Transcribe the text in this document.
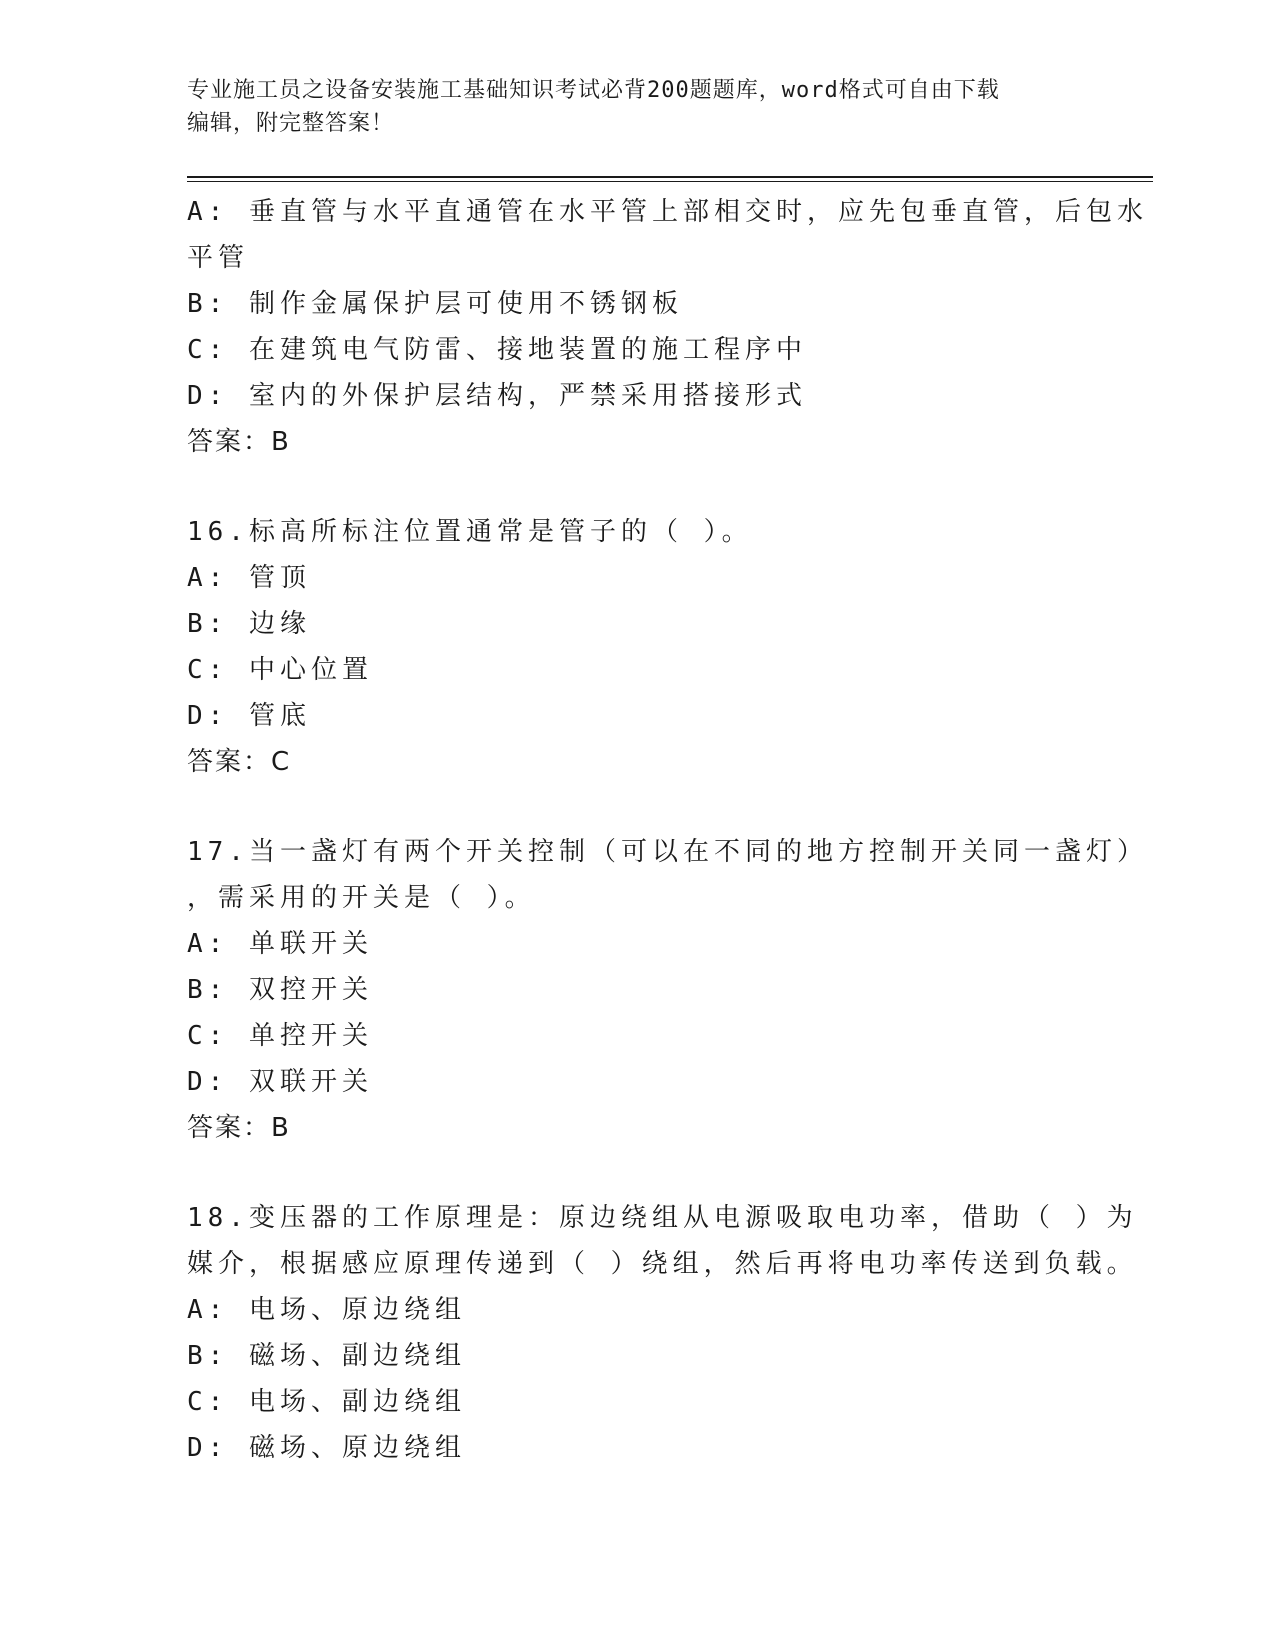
专业施工员之设备安装施工基础知识考试必背200题题库，word格式可自由下载
编辑，附完整答案！
A: 垂直管与水平直通管在水平管上部相交时，应先包垂直管，后包水
平管
B: 制作金属保护层可使用不锈钢板
C: 在建筑电气防雷、接地装置的施工程序中
D: 室内的外保护层结构，严禁采用搭接形式
答案：B
16.标高所标注位置通常是管子的（ ）。
A: 管顶
B: 边缘
C: 中心位置
D: 管底
答案：C
17.当一盏灯有两个开关控制（可以在不同的地方控制开关同一盏灯）
，需采用的开关是（ ）。
A: 单联开关
B: 双控开关
C: 单控开关
D: 双联开关
答案：B
18.变压器的工作原理是：原边绕组从电源吸取电功率，借助（ ）为
媒介，根据感应原理传递到（ ）绕组，然后再将电功率传送到负载。
A: 电场、原边绕组
B: 磁场、副边绕组
C: 电场、副边绕组
D: 磁场、原边绕组
